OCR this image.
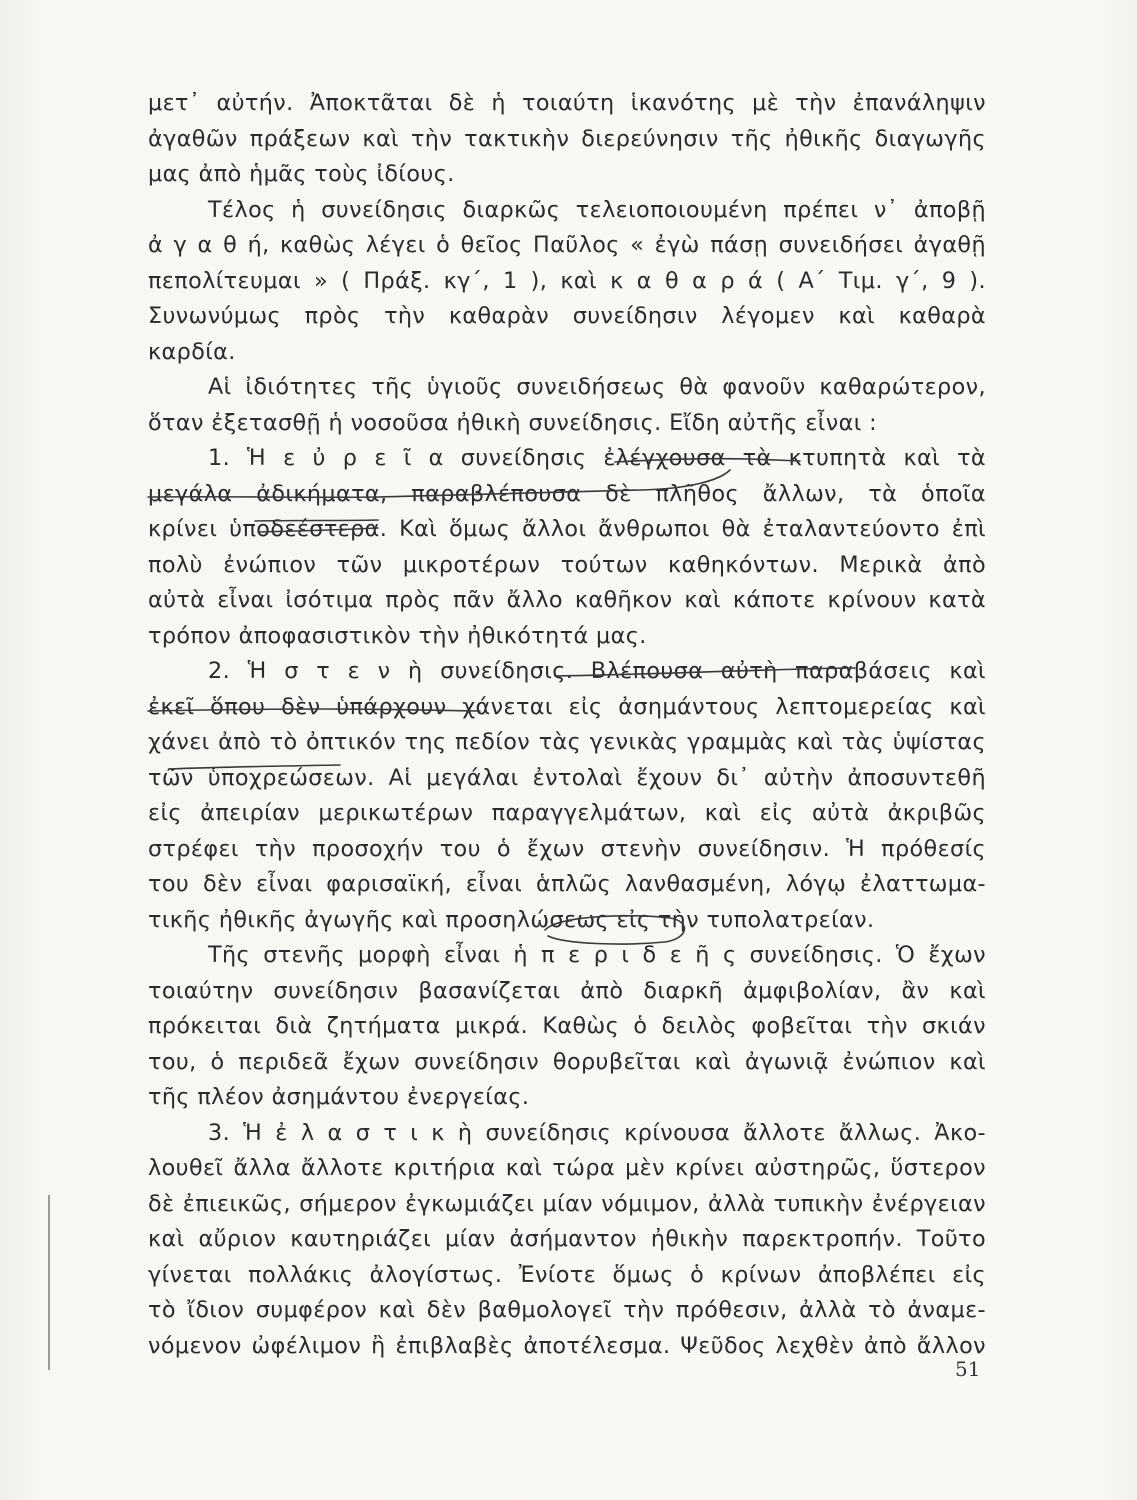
μετ᾽ αὐτήν. Ἀποκτᾶται δὲ ἡ τοιαύτη ἱκανότης μὲ τὴν ἐπανάληψιν
ἀγαθῶν πράξεων καὶ τὴν τακτικὴν διερεύνησιν τῆς ἠθικῆς διαγωγῆς
μας ἀπὸ ἡμᾶς τοὺς ἰδίους.
Τέλος ἡ συνείδησις διαρκῶς τελειοποιουμένη πρέπει ν᾽ ἀποβῇ
ἀ γ α θ ή, καθὼς λέγει ὁ θεῖος Παῦλος « ἐγὼ πάσῃ συνειδήσει ἀγαθῇ
πεπολίτευμαι » ( Πράξ. κγ΄, 1 ), καὶ κ α θ α ρ ά ( Α΄ Τιμ. γ΄, 9 ).
Συνωνύμως πρὸς τὴν καθαρὰν συνείδησιν λέγομεν καὶ καθαρὰ
καρδία.
Αἱ ἰδιότητες τῆς ὑγιοῦς συνειδήσεως θὰ φανοῦν καθαρώτερον,
ὅταν ἐξετασθῇ ἡ νοσοῦσα ἠθικὴ συνείδησις. Εἴδη αὐτῆς εἶναι :
1. Ἡ ε ὐ ρ ε ῖ α συνείδησις ἐλέγχουσα τὰ κτυπητὰ καὶ τὰ
μεγάλα ἀδικήματα, παραβλέπουσα δὲ πλῆθος ἄλλων, τὰ ὁποῖα
κρίνει ὑποδεέστερα. Καὶ ὅμως ἄλλοι ἄνθρωποι θὰ ἐταλαντεύοντο ἐπὶ
πολὺ ἐνώπιον τῶν μικροτέρων τούτων καθηκόντων. Μερικὰ ἀπὸ
αὐτὰ εἶναι ἰσότιμα πρὸς πᾶν ἄλλο καθῆκον καὶ κάποτε κρίνουν κατὰ
τρόπον ἀποφασιστικὸν τὴν ἠθικότητά μας.
2. Ἡ σ τ ε ν ὴ συνείδησις. Βλέπουσα αὐτὴ παραβάσεις καὶ
ἐκεῖ ὅπου δὲν ὑπάρχουν χάνεται εἰς ἀσημάντους λεπτομερείας καὶ
χάνει ἀπὸ τὸ ὀπτικόν της πεδίον τὰς γενικὰς γραμμὰς καὶ τὰς ὑψίστας
τῶν ὑποχρεώσεων. Αἱ μεγάλαι ἐντολαὶ ἔχουν δι᾽ αὐτὴν ἀποσυντεθῆ
εἰς ἀπειρίαν μερικωτέρων παραγγελμάτων, καὶ εἰς αὐτὰ ἀκριβῶς
στρέφει τὴν προσοχήν του ὁ ἔχων στενὴν συνείδησιν. Ἡ πρόθεσίς
του δὲν εἶναι φαρισαϊκή, εἶναι ἁπλῶς λανθασμένη, λόγῳ ἐλαττωμα-
τικῆς ἠθικῆς ἀγωγῆς καὶ προσηλώσεως εἰς τὴν τυπολατρείαν.
Τῆς στενῆς μορφὴ εἶναι ἡ π ε ρ ι δ ε ῆ ς συνείδησις. Ὁ ἔχων
τοιαύτην συνείδησιν βασανίζεται ἀπὸ διαρκῆ ἀμφιβολίαν, ἂν καὶ
πρόκειται διὰ ζητήματα μικρά. Καθὼς ὁ δειλὸς φοβεῖται τὴν σκιάν
του, ὁ περιδεᾶ ἔχων συνείδησιν θορυβεῖται καὶ ἀγωνιᾷ ἐνώπιον καὶ
τῆς πλέον ἀσημάντου ἐνεργείας.
3. Ἡ ἐ λ α σ τ ι κ ὴ συνείδησις κρίνουσα ἄλλοτε ἄλλως. Ἀκο-
λουθεῖ ἄλλα ἄλλοτε κριτήρια καὶ τώρα μὲν κρίνει αὐστηρῶς, ὕστερον
δὲ ἐπιεικῶς, σήμερον ἐγκωμιάζει μίαν νόμιμον, ἀλλὰ τυπικὴν ἐνέργειαν
καὶ αὔριον καυτηριάζει μίαν ἀσήμαντον ἠθικὴν παρεκτροπήν. Τοῦτο
γίνεται πολλάκις ἀλογίστως. Ἐνίοτε ὅμως ὁ κρίνων ἀποβλέπει εἰς
τὸ ἴδιον συμφέρον καὶ δὲν βαθμολογεῖ τὴν πρόθεσιν, ἀλλὰ τὸ ἀναμε-
νόμενον ὠφέλιμον ἢ ἐπιβλαβὲς ἀποτέλεσμα. Ψεῦδος λεχθὲν ἀπὸ ἄλλον
51
